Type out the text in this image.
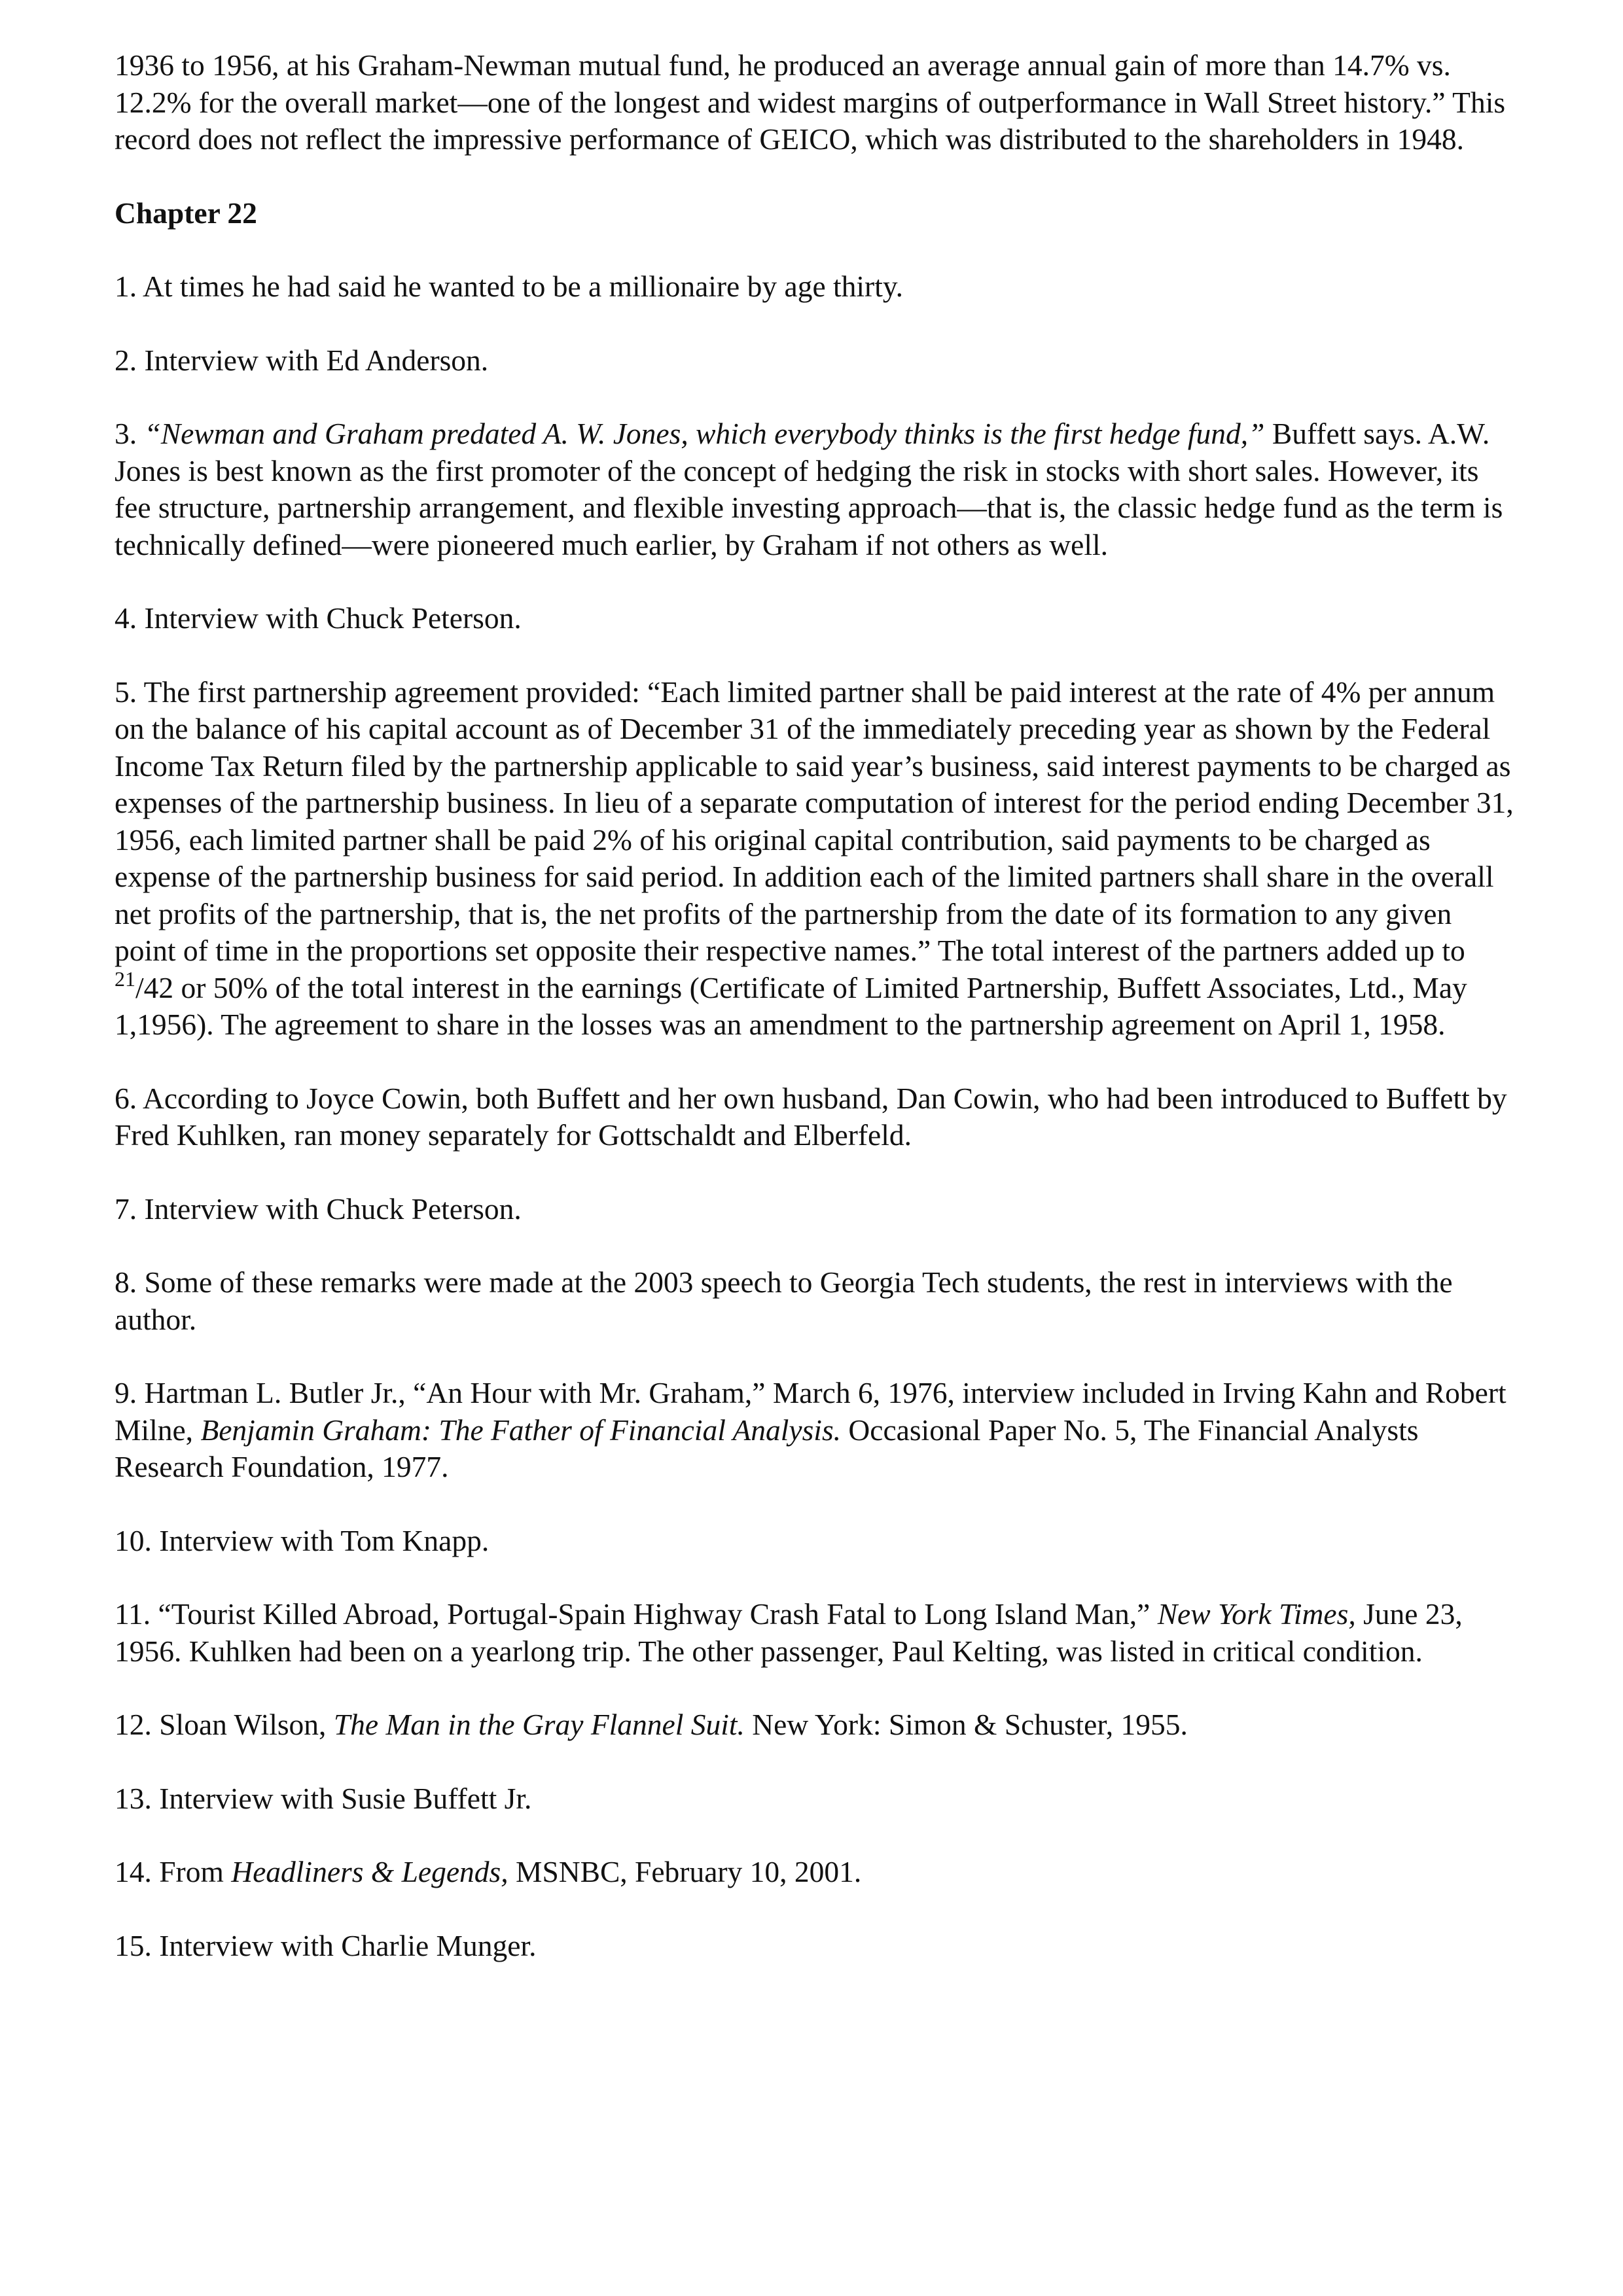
1936 to 1956, at his Graham-Newman mutual fund, he produced an average annual gain of more than 14.7% vs. 12.2% for the overall market—one of the longest and widest margins of outperformance in Wall Street history.” This record does not reflect the impressive performance of GEICO, which was distributed to the shareholders in 1948.

Chapter 22

1. At times he had said he wanted to be a millionaire by age thirty.

2. Interview with Ed Anderson.

3. “Newman and Graham predated A. W. Jones, which everybody thinks is the first hedge fund,” Buffett says. A.W. Jones is best known as the first promoter of the concept of hedging the risk in stocks with short sales. However, its fee structure, partnership arrangement, and flexible investing approach—that is, the classic hedge fund as the term is technically defined—were pioneered much earlier, by Graham if not others as well.

4. Interview with Chuck Peterson.

5. The first partnership agreement provided: “Each limited partner shall be paid interest at the rate of 4% per annum on the balance of his capital account as of December 31 of the immediately preceding year as shown by the Federal Income Tax Return filed by the partnership applicable to said year’s business, said interest payments to be charged as expenses of the partnership business. In lieu of a separate computation of interest for the period ending December 31, 1956, each limited partner shall be paid 2% of his original capital contribution, said payments to be charged as expense of the partnership business for said period. In addition each of the limited partners shall share in the overall net profits of the partnership, that is, the net profits of the partnership from the date of its formation to any given point of time in the proportions set opposite their respective names.” The total interest of the partners added up to $^{21}$/42 or 50% of the total interest in the earnings (Certificate of Limited Partnership, Buffett Associates, Ltd., May 1,1956). The agreement to share in the losses was an amendment to the partnership agreement on April 1, 1958.

6. According to Joyce Cowin, both Buffett and her own husband, Dan Cowin, who had been introduced to Buffett by Fred Kuhlken, ran money separately for Gottschaldt and Elberfeld.

7. Interview with Chuck Peterson.

8. Some of these remarks were made at the 2003 speech to Georgia Tech students, the rest in interviews with the author.

9. Hartman L. Butler Jr., “An Hour with Mr. Graham,” March 6, 1976, interview included in Irving Kahn and Robert Milne, Benjamin Graham: The Father of Financial Analysis. Occasional Paper No. 5, The Financial Analysts Research Foundation, 1977.

10. Interview with Tom Knapp.

11. “Tourist Killed Abroad, Portugal-Spain Highway Crash Fatal to Long Island Man,” New York Times, June 23, 1956. Kuhlken had been on a yearlong trip. The other passenger, Paul Kelting, was listed in critical condition.

12. Sloan Wilson, The Man in the Gray Flannel Suit. New York: Simon & Schuster, 1955.

13. Interview with Susie Buffett Jr.

14. From Headliners & Legends, MSNBC, February 10, 2001.

15. Interview with Charlie Munger.
